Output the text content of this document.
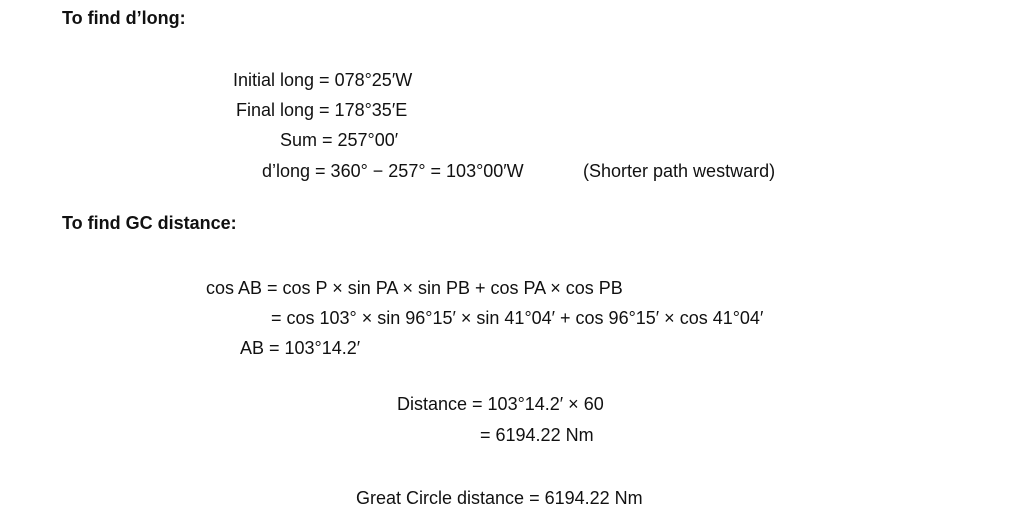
To find d’long:
Initial long = 078°25′W
Final long = 178°35′E
Sum = 257°00′
d’long = 360° − 257° = 103°00′W	(Shorter path westward)
To find GC distance:
cos AB = cos P × sin PA × sin PB + cos PA × cos PB
= cos 103° × sin 96°15′ × sin 41°04′ + cos 96°15′ × cos 41°04′
AB = 103°14.2′
Distance = 103°14.2′ × 60
= 6194.22 Nm
Great Circle distance = 6194.22 Nm
